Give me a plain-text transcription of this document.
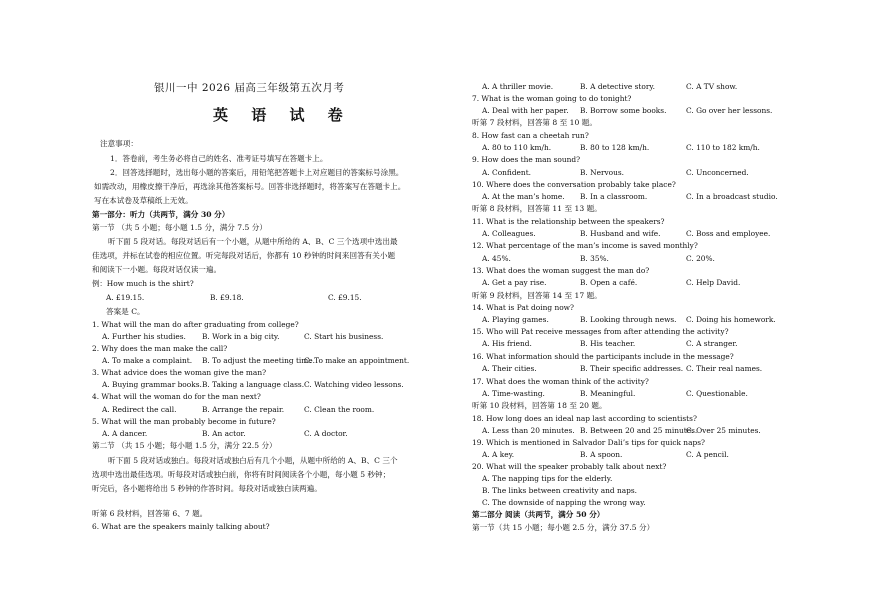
银川一中 2026 届高三年级第五次月考
英 语 试 卷
注意事项：
1．答卷前，考生务必将自己的姓名、准考证号填写在答题卡上。
2．回答选择题时，选出每小题的答案后，用铅笔把答题卡上对应题目的答案标号涂黑。
如需改动，用橡皮擦干净后，再选涂其他答案标号。回答非选择题时，将答案写在答题卡上。
写在本试卷及草稿纸上无效。
第一部分：听力（共两节，满分 30 分）
第一节 （共 5 小题；每小题 1.5 分，满分 7.5 分）
听下面 5 段对话。每段对话后有一个小题，从题中所给的 A、B、C 三个选项中选出最
佳选项，并标在试卷的相应位置。听完每段对话后，你都有 10 秒钟的时间来回答有关小题
和阅读下一小题。每段对话仅读一遍。
例：How much is the shirt?
A. £19.15.	B. £9.18.	C. £9.15.
答案是 C。
1. What will the man do after graduating from college?
A. Further his studies. B. Work in a big city.	C. Start his business.
2. Why does the man make the call?
A. To make a complaint. B. To adjust the meeting time.
C. To make an appointment.
3. What advice does the woman give the man?
A. Buying grammar books. B. Taking a language class. C. Watching video lessons.
4. What will the woman do for the man next?
A. Redirect the call.	B. Arrange the repair.	C. Clean the room.
5. What will the man probably become in future?
A. A dancer.	B. An actor.	C. A doctor.
第二节 （共 15 小题；每小题 1.5 分，满分 22.5 分）
听下面 5 段对话或独白。每段对话或独白后有几个小题，从题中所给的 A、B、C 三个
选项中选出最佳选项。听每段对话或独白前，你将有时间阅读各个小题，每小题 5 秒钟；
听完后，各小题将给出 5 秒钟的作答时间。每段对话或独白读两遍。
听第 6 段材料，回答第 6、7 题。
6. What are the speakers mainly talking about?
A. A thriller movie.	B. A detective story.	C. A TV show.
7. What is the woman going to do tonight?
A. Deal with her paper. B. Borrow some books.	C. Go over her lessons.
听第 7 段材料，回答第 8 至 10 题。
8. How fast can a cheetah run?
A. 80 to 110 km/h.	B. 80 to 128 km/h.	C. 110 to 182 km/h.
9. How does the man sound?
A. Confident.	B. Nervous.	C. Unconcerned.
10. Where does the conversation probably take place?
A. At the man’s home. B. In a classroom.	C. In a broadcast studio.
听第 8 段材料，回答第 11 至 13 题。
11. What is the relationship between the speakers?
A. Colleagues.	B. Husband and wife.	C. Boss and employee.
12. What percentage of the man’s income is saved monthly?
A. 45%.	B. 35%.	C. 20%.
13. What does the woman suggest the man do?
A. Get a pay rise.	B. Open a café.	C. Help David.
听第 9 段材料，回答第 14 至 17 题。
14. What is Pat doing now?
A. Playing games.	B. Looking through news. C. Doing his homework.
15. Who will Pat receive messages from after attending the activity?
A. His friend.	B. His teacher.	C. A stranger.
16. What information should the participants include in the message?
A. Their cities.	B. Their specific addresses. C. Their real names.
17. What does the woman think of the activity?
A. Time-wasting.	B. Meaningful.	C. Questionable.
听第 10 段材料，回答第 18 至 20 题。
18. How long does an ideal nap last according to scientists?
A. Less than 20 minutes. B. Between 20 and 25 minutes.
C. Over 25 minutes.
19. Which is mentioned in Salvador Dali’s tips for quick naps?
A. A key.	B. A spoon.	C. A pencil.
20. What will the speaker probably talk about next?
A. The napping tips for the elderly.
B. The links between creativity and naps.
C. The downside of napping the wrong way.
第二部分 阅读（共两节，满分 50 分）
第一节（共 15 小题；每小题 2.5 分，满分 37.5 分）
